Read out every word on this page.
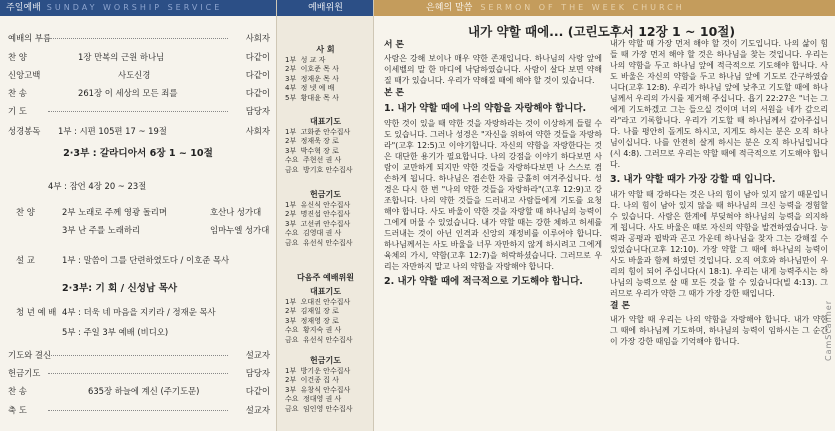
주일예배 SUNDAY WORSHIP SERVICE
예배의 부름	사회자
찬 양	1장 만복의 근원 하나님	다같이
신앙고백	사도신경	다같이
찬 송	261장 이 세상의 모든 죄를	다같이
기 도	담당자
성경봉독 1부 : 시편 105편 17 ~ 19절	사회자
2·3부 : 갈라디아서 6장 1 ~ 10절
4부 : 잠언 4장 20 ~ 23절
찬 양	2부 노래로 주께 영광 돌리며	호산나 성가대
3부 난 주를 노래하리	임마누엘 성가대
설 교	1부 : 말씀이 그를 단련하였도다 / 이호준 목사
2·3부: 기 회 / 신성남 목사
청 년 예 배 4부 : 더욱 네 마음을 지키라 / 정재운 목사
5부 : 주일 3부 예배 (비디오)
기도와 결신	설교자
헌금기도	담당자
찬 송	635장 하늘에 계신 (주기도문)	다같이
축 도	설교자
예배위원
사 회
1부  성 교 자
2부  이호준 목 사
3부  정재운 목 사
4부  정 넷 예 배
5부  황대윤 목 사
대표기도
1부  고화준 안수집사
2부  정재욱 장 로
3부  박수혁 장 로
수요  주현선 권 사
금요  방기호 안수집사
헌금기도
1부  유신식 안수집사
2부  명진섭 안수집사
3부  고선귀 안수집사
수요  김영대 권 사
금요  유선식 안수집사
다음주 예배위원
대표기도
1부  오대진 안수집사
2부  김재일 장 로
3부  정재영 장 로
수요  황지숙 권 사
금요  유선식 안수집사
헌금기도
1부  방기운 안수집사
2부  이건종 집 사
3부  유창식 안수집사
수요  정대영 권 사
금요  임인영 안수집사
은혜의 말씀 SERMON OF THE WEEK CHURCH
내가 약할 때에... (고린도후서 12장 1 ~ 10절)
서 론

사람은 강해 보이나 매우 약한 존재입니다. 하나님의 사랑 앞에 이세벨의 말 한 마디에 낙담하였습니다. 사람이 살다 보면 약해질 때가 있습니다. 우리가 약해질 때에 해야 할 것이 있습니다.

본 론
1. 내가 약할 때에 나의 약함을 자랑해야 합니다.

약한 것이 있을 때 약한 것을 자랑하라는 것이 이상하게 들릴 수도 있습니다. 그러나 성경은 "자신을 위하여 약한 것들을 자랑하라"(고후 12:5)고 이야기합니다. 자신의 약함을 자랑한다는 것은 대단한 용기가 필요합니다. 나의 강점을 이야기 하다보면 사람이 교만하게 되지만 약한 것들을 자랑하다보면 나 스스로 겸손하게 됩니다. 하나님은 겸손한 자를 긍휼히 여겨주십니다. 성경은 다시 한 번 "나의 약한 것들을 자랑하라"(고후 12:9)고 강조합니다. 나의 약한 것들을 드러내고 사람들에게 기도를 요청해야 합니다. 사도 바울이 약한 것을 자랑할 때 하나님의 능력이 그에게 머물 수 있었습니다. 내가 약할 때는 강한 체하고 허세를 드러내는 것이 아닌 인격과 신앙의 재정비를 이루어야 합니다. 하나님께서는 사도 바울을 너무 자만하지 않게 하시려고 그에게 육체의 가시, 약함(고후 12:7)을 허락하셨습니다. 그러므로 우리는 자만하지 말고 나의 약함을 자랑해야 합니다.

2. 내가 약할 때에 적극적으로 기도해야 합니다.

내가 약할 때 가장 먼저 해야 할 것이 기도입니다. 나의 삶이 힘들 때 가장 먼저 해야 할 것은 하나님을 찾는 것입니다. 우리는 나의 약함을 두고 하나님 앞에 적극적으로 기도해야 합니다. 사도 바울은 자신의 약함을 두고 하나님 앞에 기도로 간구하였습니다(고후 12:8). 우리가 하나님 앞에 낮추고 기도할 때에 하나님께서 우리의 가시를 제거해 주십니다. 욥기 22:27은 "너는 그에게 기도하겠고 그는 들으실 것이며 너의 서원을 네가 갚으리라"라고 기록합니다. 우리가 기도할 때 하나님께서 갚아주십니다. 나를 평안히 돌게도 하시고, 지게도 하시는 분은 오직 하나님이십니다. 나를 안전히 살게 하시는 분은 오직 하나님입니다(시 4:8). 그러므로 우리는 약할 때에 적극적으로 기도해야 합니다.

3. 내가 약할 때가 가장 강할 때 입니다.

내가 약할 때 강하다는 것은 나의 힘이 남아 있지 않기 때문입니다. 나의 힘이 남아 있지 않을 때 하나님의 크신 능력을 경험할 수 있습니다. 사람은 한계에 부딪혀야 하나님의 능력을 의지하게 됩니다. 사도 바울은 때로 자신의 약함을 발견하였습니다. 능력과 공평과 핍박과 곤고 가운데 하나님을 찾자 그는 강해질 수 있었습니다(고후 12:10). 가장 약할 그 때에 하나님의 능력이 사도 바울과 함께 하였던 것입니다. 오직 여호와 하나님만이 우리의 힘이 되어 주십니다(시 18:1). 우리는 내게 능력주시는 하나님의 능력으로 살 때 모든 것을 할 수 있습니다(빌 4:13). 그러므로 우리가 약한 그 때가 가장 강한 때입니다.

결 론

내가 약할 때 우리는 나의 약함을 자랑해야 합니다. 내가 약한 그 때에 하나님께 기도하며, 하나님의 능력이 임하시는 그 순간이 가장 강한 때임을 기억해야 합니다.	CamScanner
